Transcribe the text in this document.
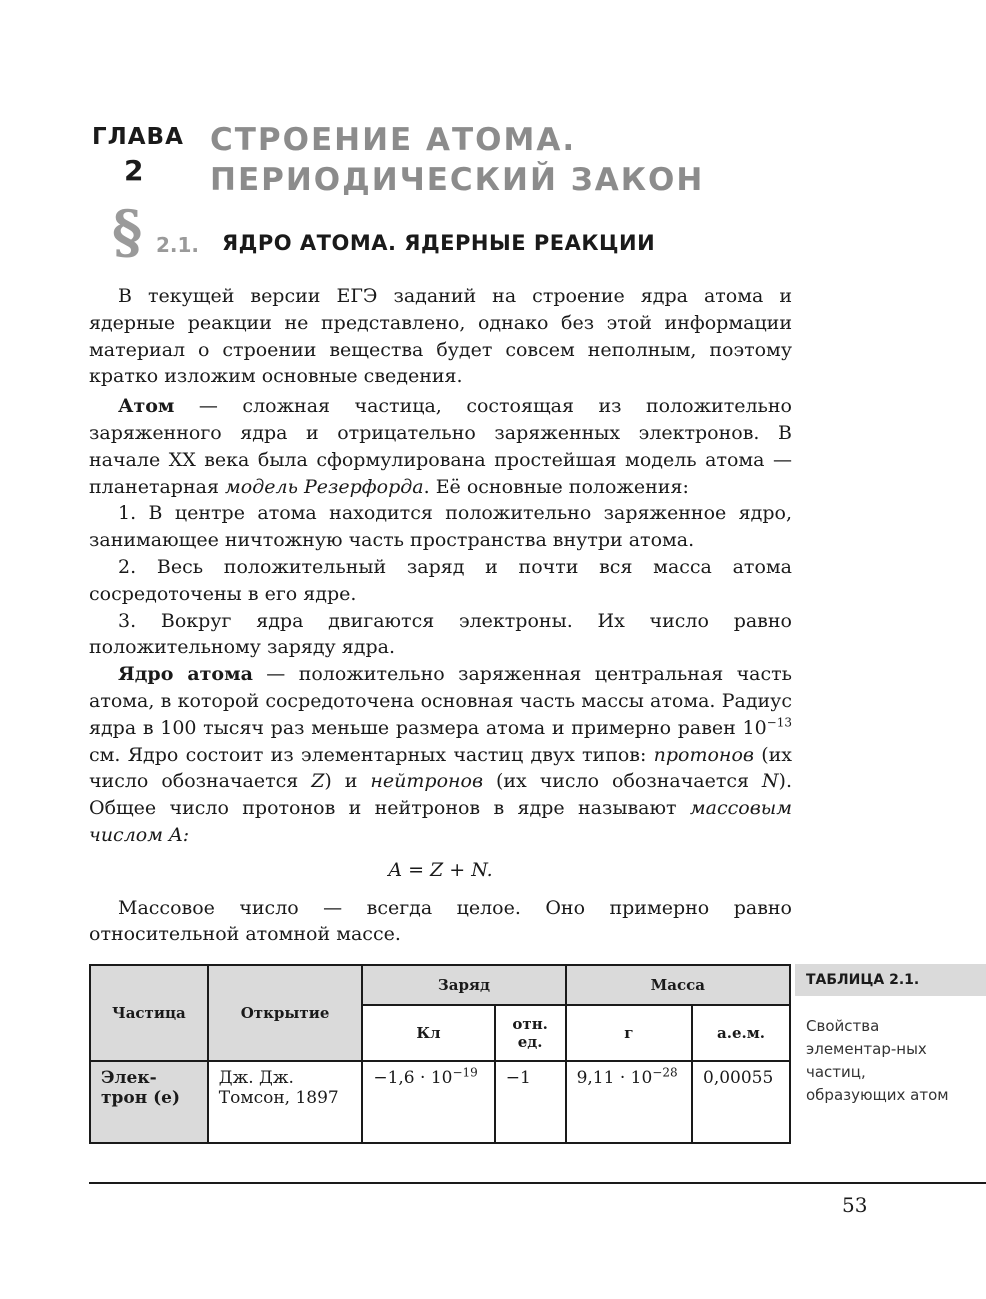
ГЛАВА
2
СТРОЕНИЕ АТОМА.
ПЕРИОДИЧЕСКИЙ ЗАКОН
§ 2.1. ЯДРО АТОМА. ЯДЕРНЫЕ РЕАКЦИИ

В текущей версии ЕГЭ заданий на строение ядра атома и ядерные реакции не представлено, однако без этой информации материал о строении вещества будет совсем неполным, поэтому кратко изложим основные сведения.

Атом — сложная частица, состоящая из положительно заряженного ядра и отрицательно заряженных электронов. В начале XX века была сформулирована простейшая модель атома — планетарная модель Резерфорда. Её основные положения:

1. В центре атома находится положительно заряженное ядро, занимающее ничтожную часть пространства внутри атома.

2. Весь положительный заряд и почти вся масса атома сосредоточены в его ядре.

3. Вокруг ядра двигаются электроны. Их число равно положительному заряду ядра.

Ядро атома — положительно заряженная центральная часть атома, в которой сосредоточена основная часть массы атома. Радиус ядра в 100 тысяч раз меньше размера атома и примерно равен $10^{-13}$ см. Ядро состоит из элементарных частиц двух типов: протонов (их число обозначается Z) и нейтронов (их число обозначается N). Общее число протонов и нейтронов в ядре называют массовым числом A:

A = Z + N.

Массовое число — всегда целое. Оно примерно равно относительной атомной массе.

Частица	Открытие	Заряд		Масса	
		Кл	отн. ед.	г	а.е.м.
Элек-трон (e)	Дж. Дж. Томсон, 1897	$-1,6 \cdot 10^{-19}$	−1	$9,11 \cdot 10^{-28}$	0,00055
ТАБЛИЦА 2.1.
Свойства элементар-ных частиц, образующих атом
53
